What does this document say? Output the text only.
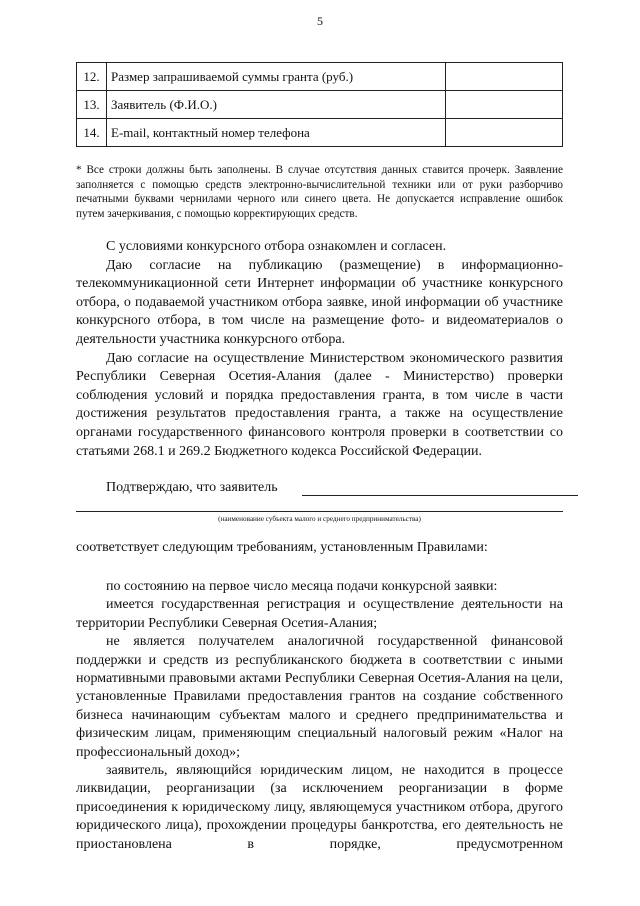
5
12.	Размер запрашиваемой суммы гранта (руб.)	
13.	Заявитель (Ф.И.О.)	
14.	E-mail, контактный номер телефона	

* Все строки должны быть заполнены. В случае отсутствия данных ставится прочерк. Заявление заполняется с помощью средств электронно-вычислительной техники или от руки разборчиво печатными буквами чернилами черного или синего цвета. Не допускается исправление ошибок путем зачеркивания, с помощью корректирующих средств.

С условиями конкурсного отбора ознакомлен и согласен.

Даю согласие на публикацию (размещение) в информационно-телекоммуникационной сети Интернет информации об участнике конкурсного отбора, о подаваемой участником отбора заявке, иной информации об участнике конкурсного отбора, в том числе на размещение фото- и видеоматериалов о деятельности участника конкурсного отбора.

Даю согласие на осуществление Министерством экономического развития Республики Северная Осетия-Алания (далее - Министерство) проверки соблюдения условий и порядка предоставления гранта, в том числе в части достижения результатов предоставления гранта, а также на осуществление органами государственного финансового контроля проверки в соответствии со статьями 268.1 и 269.2 Бюджетного кодекса Российской Федерации.

Подтверждаю, что заявитель
(наименование субъекта малого и среднего предпринимательства)
соответствует следующим требованиям, установленным Правилами:

по состоянию на первое число месяца подачи конкурсной заявки:

имеется государственная регистрация и осуществление деятельности на территории Республики Северная Осетия-Алания;

не является получателем аналогичной государственной финансовой поддержки и средств из республиканского бюджета в соответствии с иными нормативными правовыми актами Республики Северная Осетия-Алания на цели, установленные Правилами предоставления грантов на создание собственного бизнеса начинающим субъектам малого и среднего предпринимательства и физическим лицам, применяющим специальный налоговый режим «Налог на профессиональный доход»;

заявитель, являющийся юридическим лицом, не находится в процессе ликвидации, реорганизации (за исключением реорганизации в форме присоединения к юридическому лицу, являющемуся участником отбора, другого юридического лица), прохождении процедуры банкротства, его деятельность не приостановлена в порядке, предусмотренном
